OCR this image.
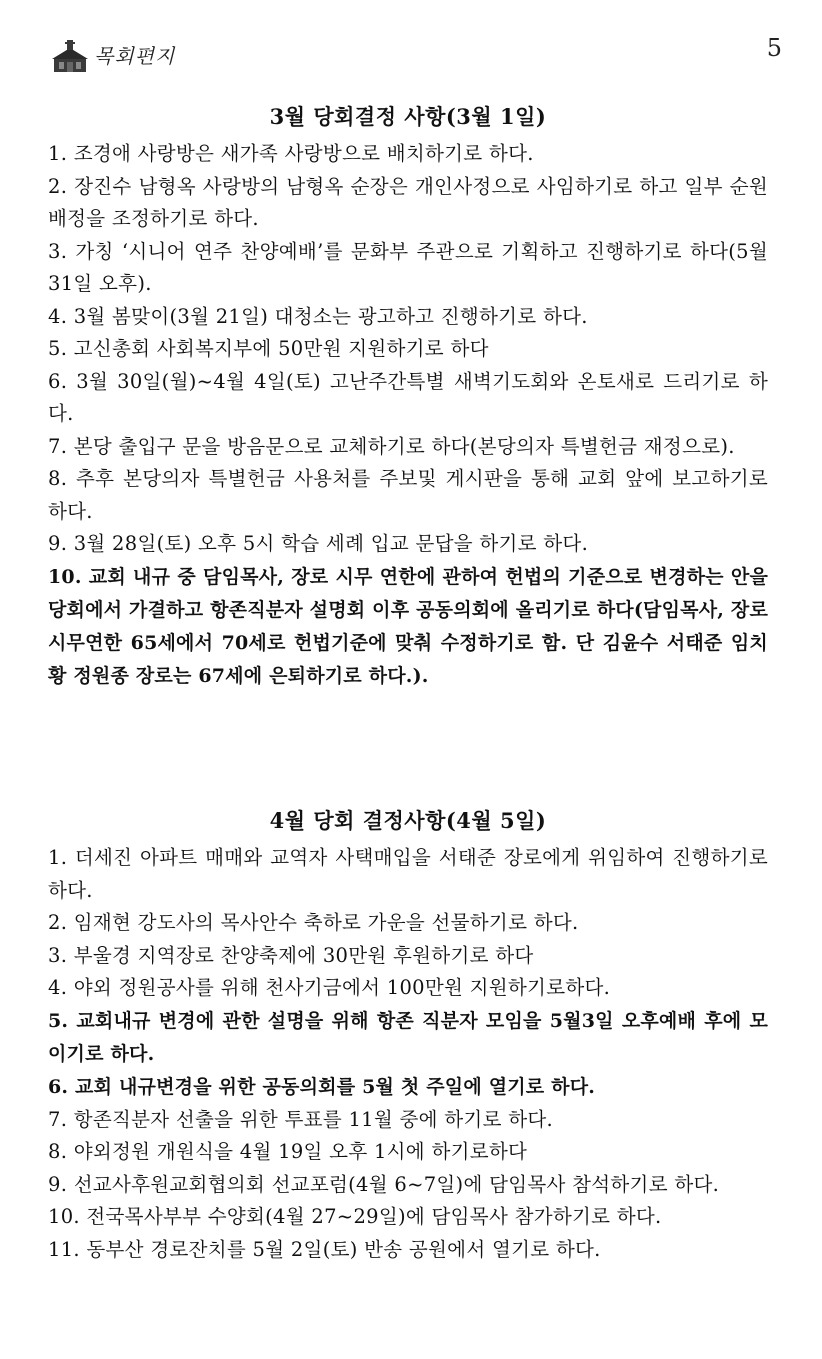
목회편지	5
3월 당회결정 사항(3월 1일)
1. 조경애 사랑방은 새가족 사랑방으로 배치하기로 하다.
2. 장진수 남형옥 사랑방의 남형옥 순장은 개인사정으로 사임하기로 하고 일부 순원 배정을 조정하기로 하다.
3. 가칭 ‘시니어 연주 찬양예배’를 문화부 주관으로 기획하고 진행하기로 하다(5월 31일 오후).
4. 3월 봄맞이(3월 21일) 대청소는 광고하고 진행하기로 하다.
5. 고신총회 사회복지부에 50만원 지원하기로 하다
6. 3월 30일(월)~4월 4일(토) 고난주간특별 새벽기도회와 온토새로 드리기로 하다.
7. 본당 출입구 문을 방음문으로 교체하기로 하다(본당의자 특별헌금 재정으로).
8. 추후 본당의자 특별헌금 사용처를 주보및 게시판을 통해 교회 앞에 보고하기로 하다.
9. 3월 28일(토) 오후 5시 학습 세례 입교 문답을 하기로 하다.
10. 교회 내규 중 담임목사, 장로 시무 연한에 관하여 헌법의 기준으로 변경하는 안을 당회에서 가결하고 항존직분자 설명회 이후 공동의회에 올리기로 하다(담임목사, 장로 시무연한 65세에서 70세로 헌법기준에 맞춰 수정하기로 함. 단 김윤수 서태준 임치황 정원종 장로는 67세에 은퇴하기로 하다.).
4월 당회 결정사항(4월 5일)
1. 더세진 아파트 매매와 교역자 사택매입을 서태준 장로에게 위임하여 진행하기로 하다.
2. 임재현 강도사의 목사안수 축하로 가운을 선물하기로 하다.
3. 부울경 지역장로 찬양축제에 30만원 후원하기로 하다
4. 야외 정원공사를 위해 천사기금에서 100만원 지원하기로하다.
5. 교회내규 변경에 관한 설명을 위해 항존 직분자 모임을 5월3일 오후예배 후에 모이기로 하다.
6. 교회 내규변경을 위한 공동의회를 5월 첫 주일에 열기로 하다.
7. 항존직분자 선출을 위한 투표를 11월 중에 하기로 하다.
8. 야외정원 개원식을 4월 19일 오후 1시에 하기로하다
9. 선교사후원교회협의회 선교포럼(4월 6~7일)에 담임목사 참석하기로 하다.
10. 전국목사부부 수양회(4월 27~29일)에 담임목사 참가하기로 하다.
11. 동부산 경로잔치를 5월 2일(토) 반송 공원에서 열기로 하다.
